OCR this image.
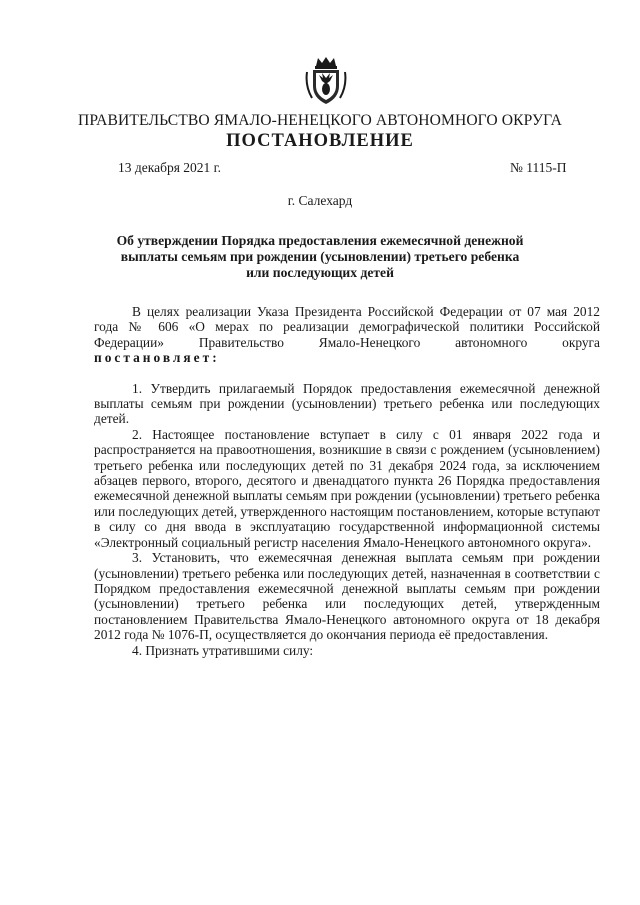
ПРАВИТЕЛЬСТВО ЯМАЛО-НЕНЕЦКОГО АВТОНОМНОГО ОКРУГА
ПОСТАНОВЛЕНИЕ
13 декабря 2021 г.	№ 1115-П
г. Салехард
Об утверждении Порядка предоставления ежемесячной денежной
выплаты семьям при рождении (усыновлении) третьего ребенка
или последующих детей

В целях реализации Указа Президента Российской Федерации от 07 мая 2012 года № 606 «О мерах по реализации демографической политики Российской Федерации» Правительство Ямало-Ненецкого автономного округа постановляет:

1. Утвердить прилагаемый Порядок предоставления ежемесячной денежной выплаты семьям при рождении (усыновлении) третьего ребенка или последующих детей.

2. Настоящее постановление вступает в силу с 01 января 2022 года и распространяется на правоотношения, возникшие в связи с рождением (усыновлением) третьего ребенка или последующих детей по 31 декабря 2024 года, за исключением абзацев первого, второго, десятого и двенадцатого пункта 26 Порядка предоставления ежемесячной денежной выплаты семьям при рождении (усыновлении) третьего ребенка или последующих детей, утвержденного настоящим постановлением, которые вступают в силу со дня ввода в эксплуатацию государственной информационной системы «Электронный социальный регистр населения Ямало-Ненецкого автономного округа».

3. Установить, что ежемесячная денежная выплата семьям при рождении (усыновлении) третьего ребенка или последующих детей, назначенная в соответствии с Порядком предоставления ежемесячной денежной выплаты семьям при рождении (усыновлении) третьего ребенка или последующих детей, утвержденным постановлением Правительства Ямало-Ненецкого автономного округа от 18 декабря 2012 года № 1076-П, осуществляется до окончания периода её предоставления.

4. Признать утратившими силу:
